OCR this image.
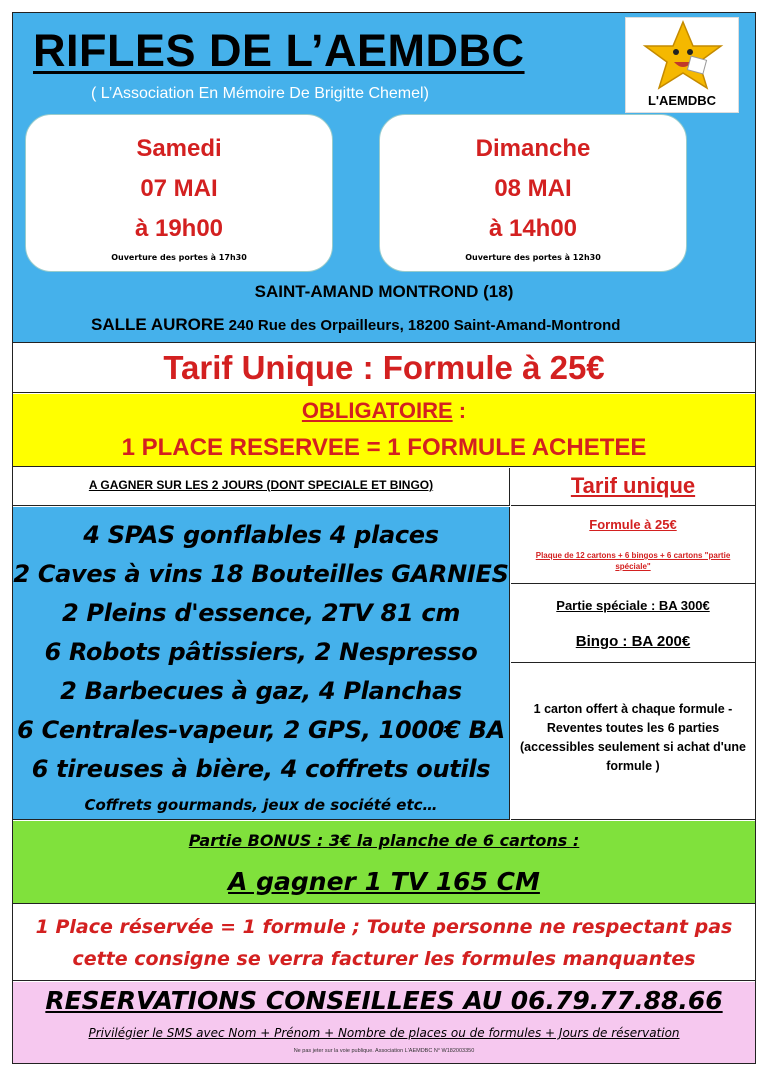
RIFLES DE L’AEMDBC
( L’Association En Mémoire De Brigitte Chemel)	L'AEMDBC
Samedi
07 MAI
à 19h00
Ouverture des portes à 17h30
Dimanche
08 MAI
à 14h00
Ouverture des portes à 12h30
SAINT-AMAND MONTROND (18)
SALLE AURORE 240 Rue des Orpailleurs, 18200 Saint-Amand-Montrond
Tarif Unique : Formule à 25€
OBLIGATOIRE :
1 PLACE RESERVEE = 1 FORMULE ACHETEE
A GAGNER SUR LES 2 JOURS (DONT SPECIALE ET BINGO)	Tarif unique
4 SPAS gonflables 4 places
2 Caves à vins 18 Bouteilles GARNIES
2 Pleins d'essence, 2TV 81 cm
6 Robots pâtissiers, 2 Nespresso
2 Barbecues à gaz, 4 Planchas
6 Centrales-vapeur, 2 GPS, 1000€ BA
6 tireuses à bière, 4 coffrets outils
Coffrets gourmands, jeux de société etc…
Formule à 25€
Plaque de 12 cartons + 6 bingos + 6 cartons "partie spéciale"
Partie spéciale : BA 300€
Bingo : BA 200€
1 carton offert à chaque formule - Reventes toutes les 6 parties (accessibles seulement si achat d'une formule )
Partie BONUS : 3€ la planche de 6 cartons :
A gagner 1 TV 165 CM
1 Place réservée = 1 formule ; Toute personne ne respectant pas cette consigne se verra facturer les formules manquantes
RESERVATIONS CONSEILLEES AU 06.79.77.88.66
Privilégier le SMS avec Nom + Prénom + Nombre de places ou de formules + Jours de réservation
Ne pas jeter sur la voie publique. Association L'AEMDBC N° W182003350
